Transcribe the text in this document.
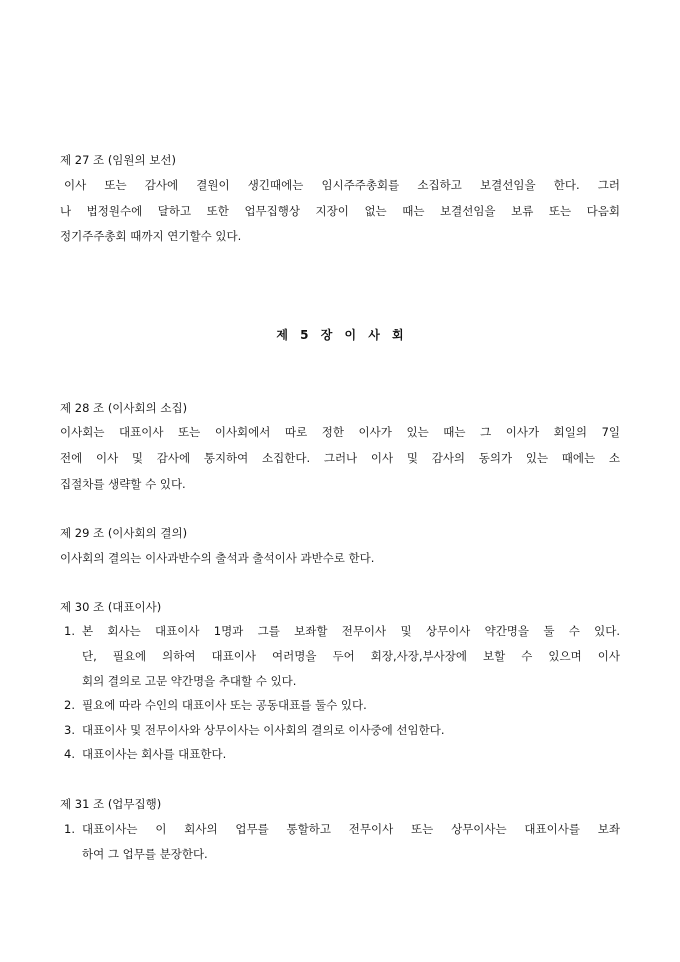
제 27 조 (임원의 보선)
이사 또는 감사에 결원이 생긴때에는 임시주주총회를 소집하고 보결선임을 한다. 그러
나 법정원수에 달하고 또한 업무집행상 지장이 없는 때는 보결선임을 보류 또는 다음회
정기주주총회 때까지 연기할수 있다.
제 5 장 이 사 회
제 28 조 (이사회의 소집)
이사회는 대표이사 또는 이사회에서 따로 정한 이사가 있는 때는 그 이사가 회일의 7일
전에 이사 및 감사에 통지하여 소집한다. 그러나 이사 및 감사의 동의가 있는 때에는 소
집절차를 생략할 수 있다.
제 29 조 (이사회의 결의)
이사회의 결의는 이사과반수의 출석과 출석이사 과반수로 한다.
제 30 조 (대표이사)
1. 본 회사는 대표이사 1명과 그를 보좌할 전무이사 및 상무이사 약간명을 둘 수 있다.
단, 필요에 의하여 대표이사 여러명을 두어 회장,사장,부사장에 보할 수 있으며 이사
회의 결의로 고문 약간명을 추대할 수 있다.
2. 필요에 따라 수인의 대표이사 또는 공동대표를 둘수 있다.
3. 대표이사 및 전무이사와 상무이사는 이사회의 결의로 이사중에 선임한다.
4. 대표이사는 회사를 대표한다.
제 31 조 (업무집행)
1. 대표이사는 이 회사의 업무를 통할하고 전무이사 또는 상무이사는 대표이사를 보좌
하여 그 업무를 분장한다.
